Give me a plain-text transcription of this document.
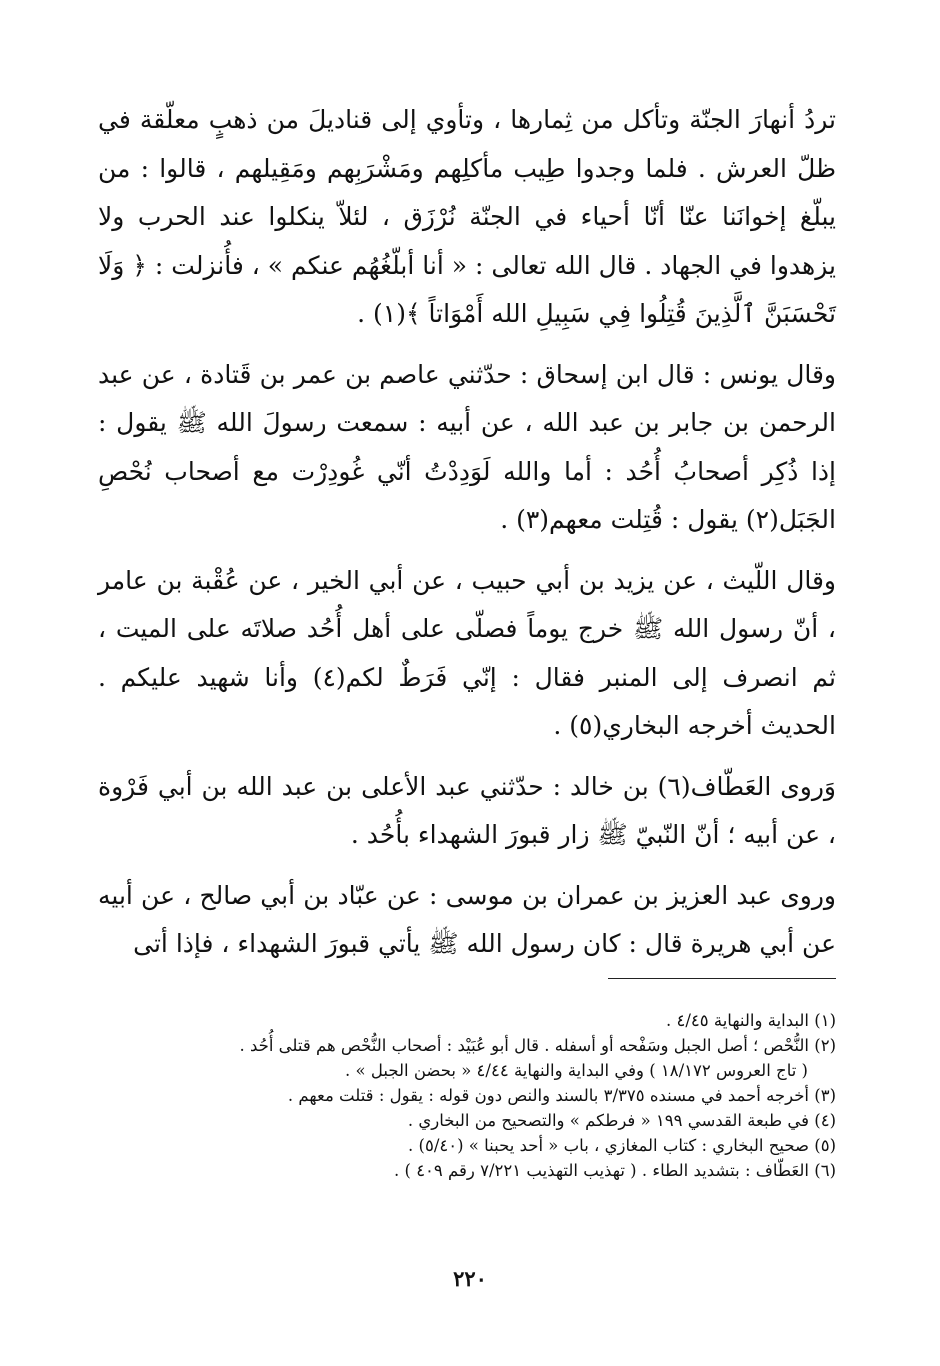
تردُ أنهارَ الجنّة وتأكل من ثِمارها ، وتأوي إلى قناديلَ من ذهبٍ معلّقة في ظلّ العرش . فلما وجدوا طِيب مأكلِهم ومَشْرَبِهم ومَقِيلهم ، قالوا : من يبلّغ إخوانَنا عنّا أنّا أحياء في الجنّة نُرْزَق ، لئلاّ ينكلوا عند الحرب ولا يزهدوا في الجهاد . قال الله تعالى : « أنا أبلّغُهُم عنكم » ، فأُنزلت : ﴿ وَلَا تَحْسَبَنَّ ٱلَّذِينَ قُتِلُوا فِي سَبِيلِ الله أَمْوَاتاً ﴾(١) .

وقال يونس : قال ابن إسحاق : حدّثني عاصم بن عمر بن قَتادة ، عن عبد الرحمن بن جابر بن عبد الله ، عن أبيه : سمعت رسولَ الله ﷺ يقول : إذا ذُكِر أصحابُ أُحُد : أما والله لَوَدِدْتُ أنّي غُودِرْت مع أصحاب نُحْصِ الجَبَل(٢) يقول : قُتِلت معهم(٣) .

وقال اللّيث ، عن يزيد بن أبي حبيب ، عن أبي الخير ، عن عُقْبة بن عامر ، أنّ رسول الله ﷺ خرج يوماً فصلّى على أهل أُحُد صلاتَه على الميت ، ثم انصرف إلى المنبر فقال : إنّي فَرَطٌ لكم(٤) وأنا شهيد عليكم . الحديث أخرجه البخاري(٥) .

وَروى العَطّاف(٦) بن خالد : حدّثني عبد الأعلى بن عبد الله بن أبي فَرْوة ، عن أبيه ؛ أنّ النّبيّ ﷺ زار قبورَ الشهداء بأُحُد .

وروى عبد العزيز بن عمران بن موسى : عن عبّاد بن أبي صالح ، عن أبيه عن أبي هريرة قال : كان رسول الله ﷺ يأتي قبورَ الشهداء ، فإذا أتى

(١) البداية والنهاية ٤/٤٥ .

(٢) النُّحْص ؛ أصل الجبل وسَفْحه أو أسفله . قال أبو عُبَيْد : أصحاب النُّحْص هم قتلى أُحُد .

( تاج العروس ١٨/١٧٢ ) وفي البداية والنهاية ٤/٤٤ « بحضن الجبل » .

(٣) أخرجه أحمد في مسنده ٣/٣٧٥ بالسند والنص دون قوله : يقول : قتلت معهم .

(٤) في طبعة القدسي ١٩٩ « فرطكم » والتصحيح من البخاري .

(٥) صحيح البخاري : كتاب المغازي ، باب « أحد يحبنا » (٥/٤٠) .

(٦) العَطّاف : بتشديد الطاء . ( تهذيب التهذيب ٧/٢٢١ رقم ٤٠٩ ) .

٢٢٠
